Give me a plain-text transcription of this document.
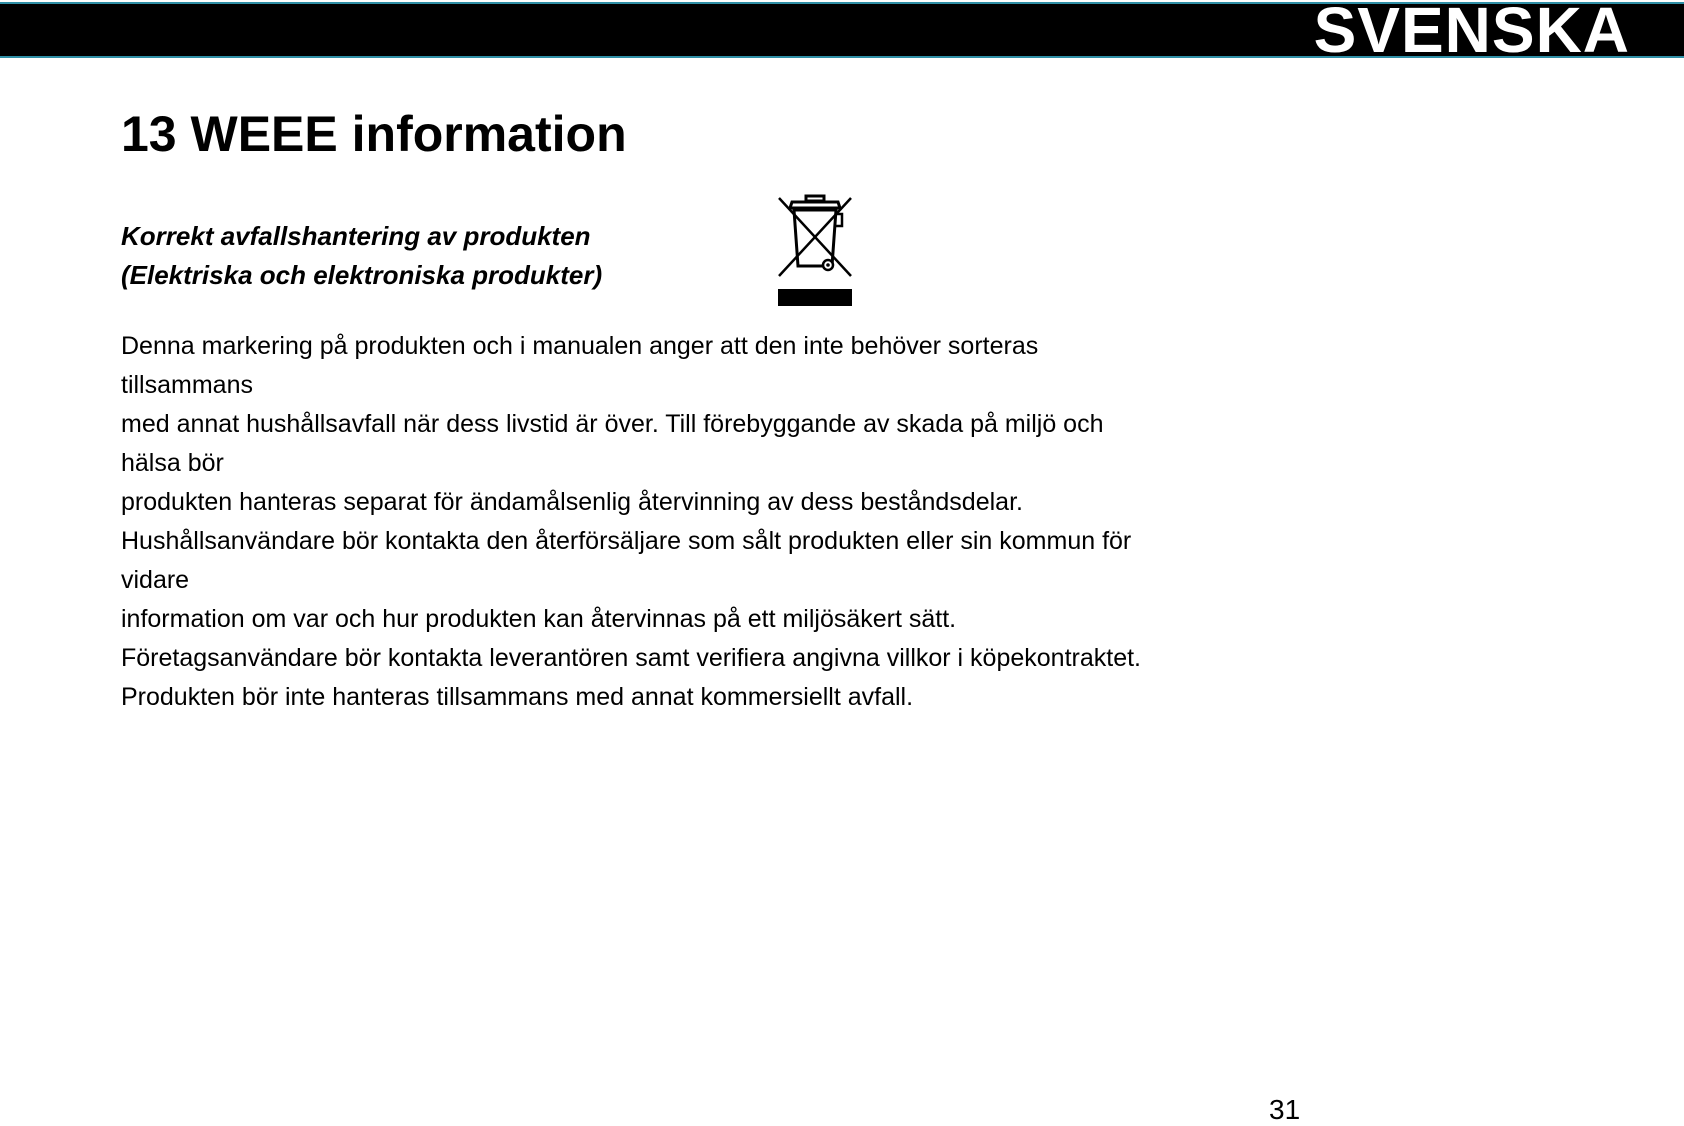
SVENSKA
13 WEEE information
Korrekt avfallshantering av produkten
(Elektriska och elektroniska produkter)
Denna markering på produkten och i manualen anger att den inte behöver sorteras
tillsammans
med annat hushållsavfall när dess livstid är över. Till förebyggande av skada på miljö och
hälsa bör
produkten hanteras separat för ändamålsenlig återvinning av dess beståndsdelar.
Hushållsanvändare bör kontakta den återförsäljare som sålt produkten eller sin kommun för
vidare
information om var och hur produkten kan återvinnas på ett miljösäkert sätt.
Företagsanvändare bör kontakta leverantören samt verifiera angivna villkor i köpekontraktet.
Produkten bör inte hanteras tillsammans med annat kommersiellt avfall.
31
